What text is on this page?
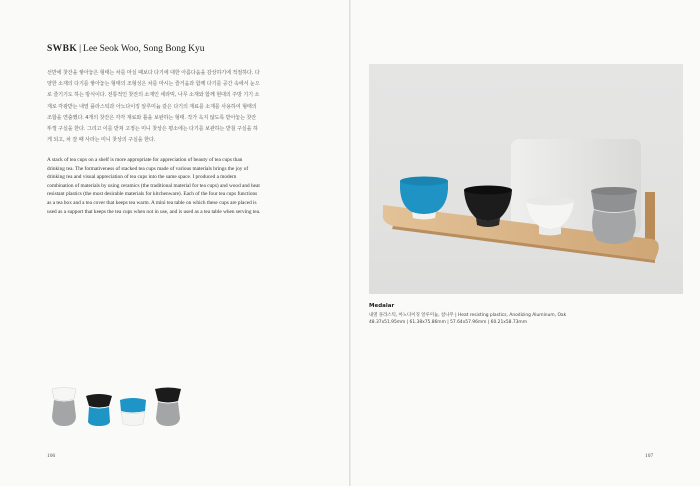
SWBK | Lee Seok Woo, Song Bong Kyu
선반에 찻잔을 쌓아놓은 형태는 차를 마실 때보다 다기에 대한 아름다움을 감상하기에 적절하다. 다양한 소재의 다기를 쌓아놓는 형태의 조형성은 차를 마시는 즐거움과 함께 다기를 공간 속에서 눈으로 즐기기도 하는 방식이다. 전통적인 찻잔의 소재인 세라믹, 나무 소재와 함께 현대의 주방 기기 소재로 각광받는 내열 플라스틱과 아노다이징 알루미늄 같은 다기의 재료를 소재를 사용하여 형태의 조합을 연출했다. 4개의 찻잔은 각각 재료와 틀을 보완하는 형태. 작가 옥지 않도록 받아놓는 찻잔 뚜껑 구실을 한다. 그리고 이를 받쳐 고정는 미니 찻상은 평소에는 다기를 보관하는 받침 구실을 하게 되고, 차 잘 때 사라는 미니 찻상의 구실을 한다.
A stack of tea cups on a shelf is more appropriate for appreciation of beauty of tea cups than drinking tea. The formativeness of stacked tea cups made of various materials brings the joy of drinking tea and visual appreciation of tea cups into the same space. I produced a modern combination of materials by using ceramics (the traditional material for tea cups) and wood and heat resistant plastics (the most desirable materials for kitchenware). Each of the four tea cups functions as a tea box and a tea cover that keeps tea warm. A mini tea table on which these cups are placed is used as a support that keeps the tea cups when not in use, and is used as a tea table when serving tea.
106
Medalar
내열 플라스틱, 아노다이징 알루미늄, 참나무 | Heat resisting plastics, Anodizing Aluminum, Oak
48.37x51.95mm | 61.38x75.86mm | 57.64x57.96mm | 60.21x58.73mm
107
